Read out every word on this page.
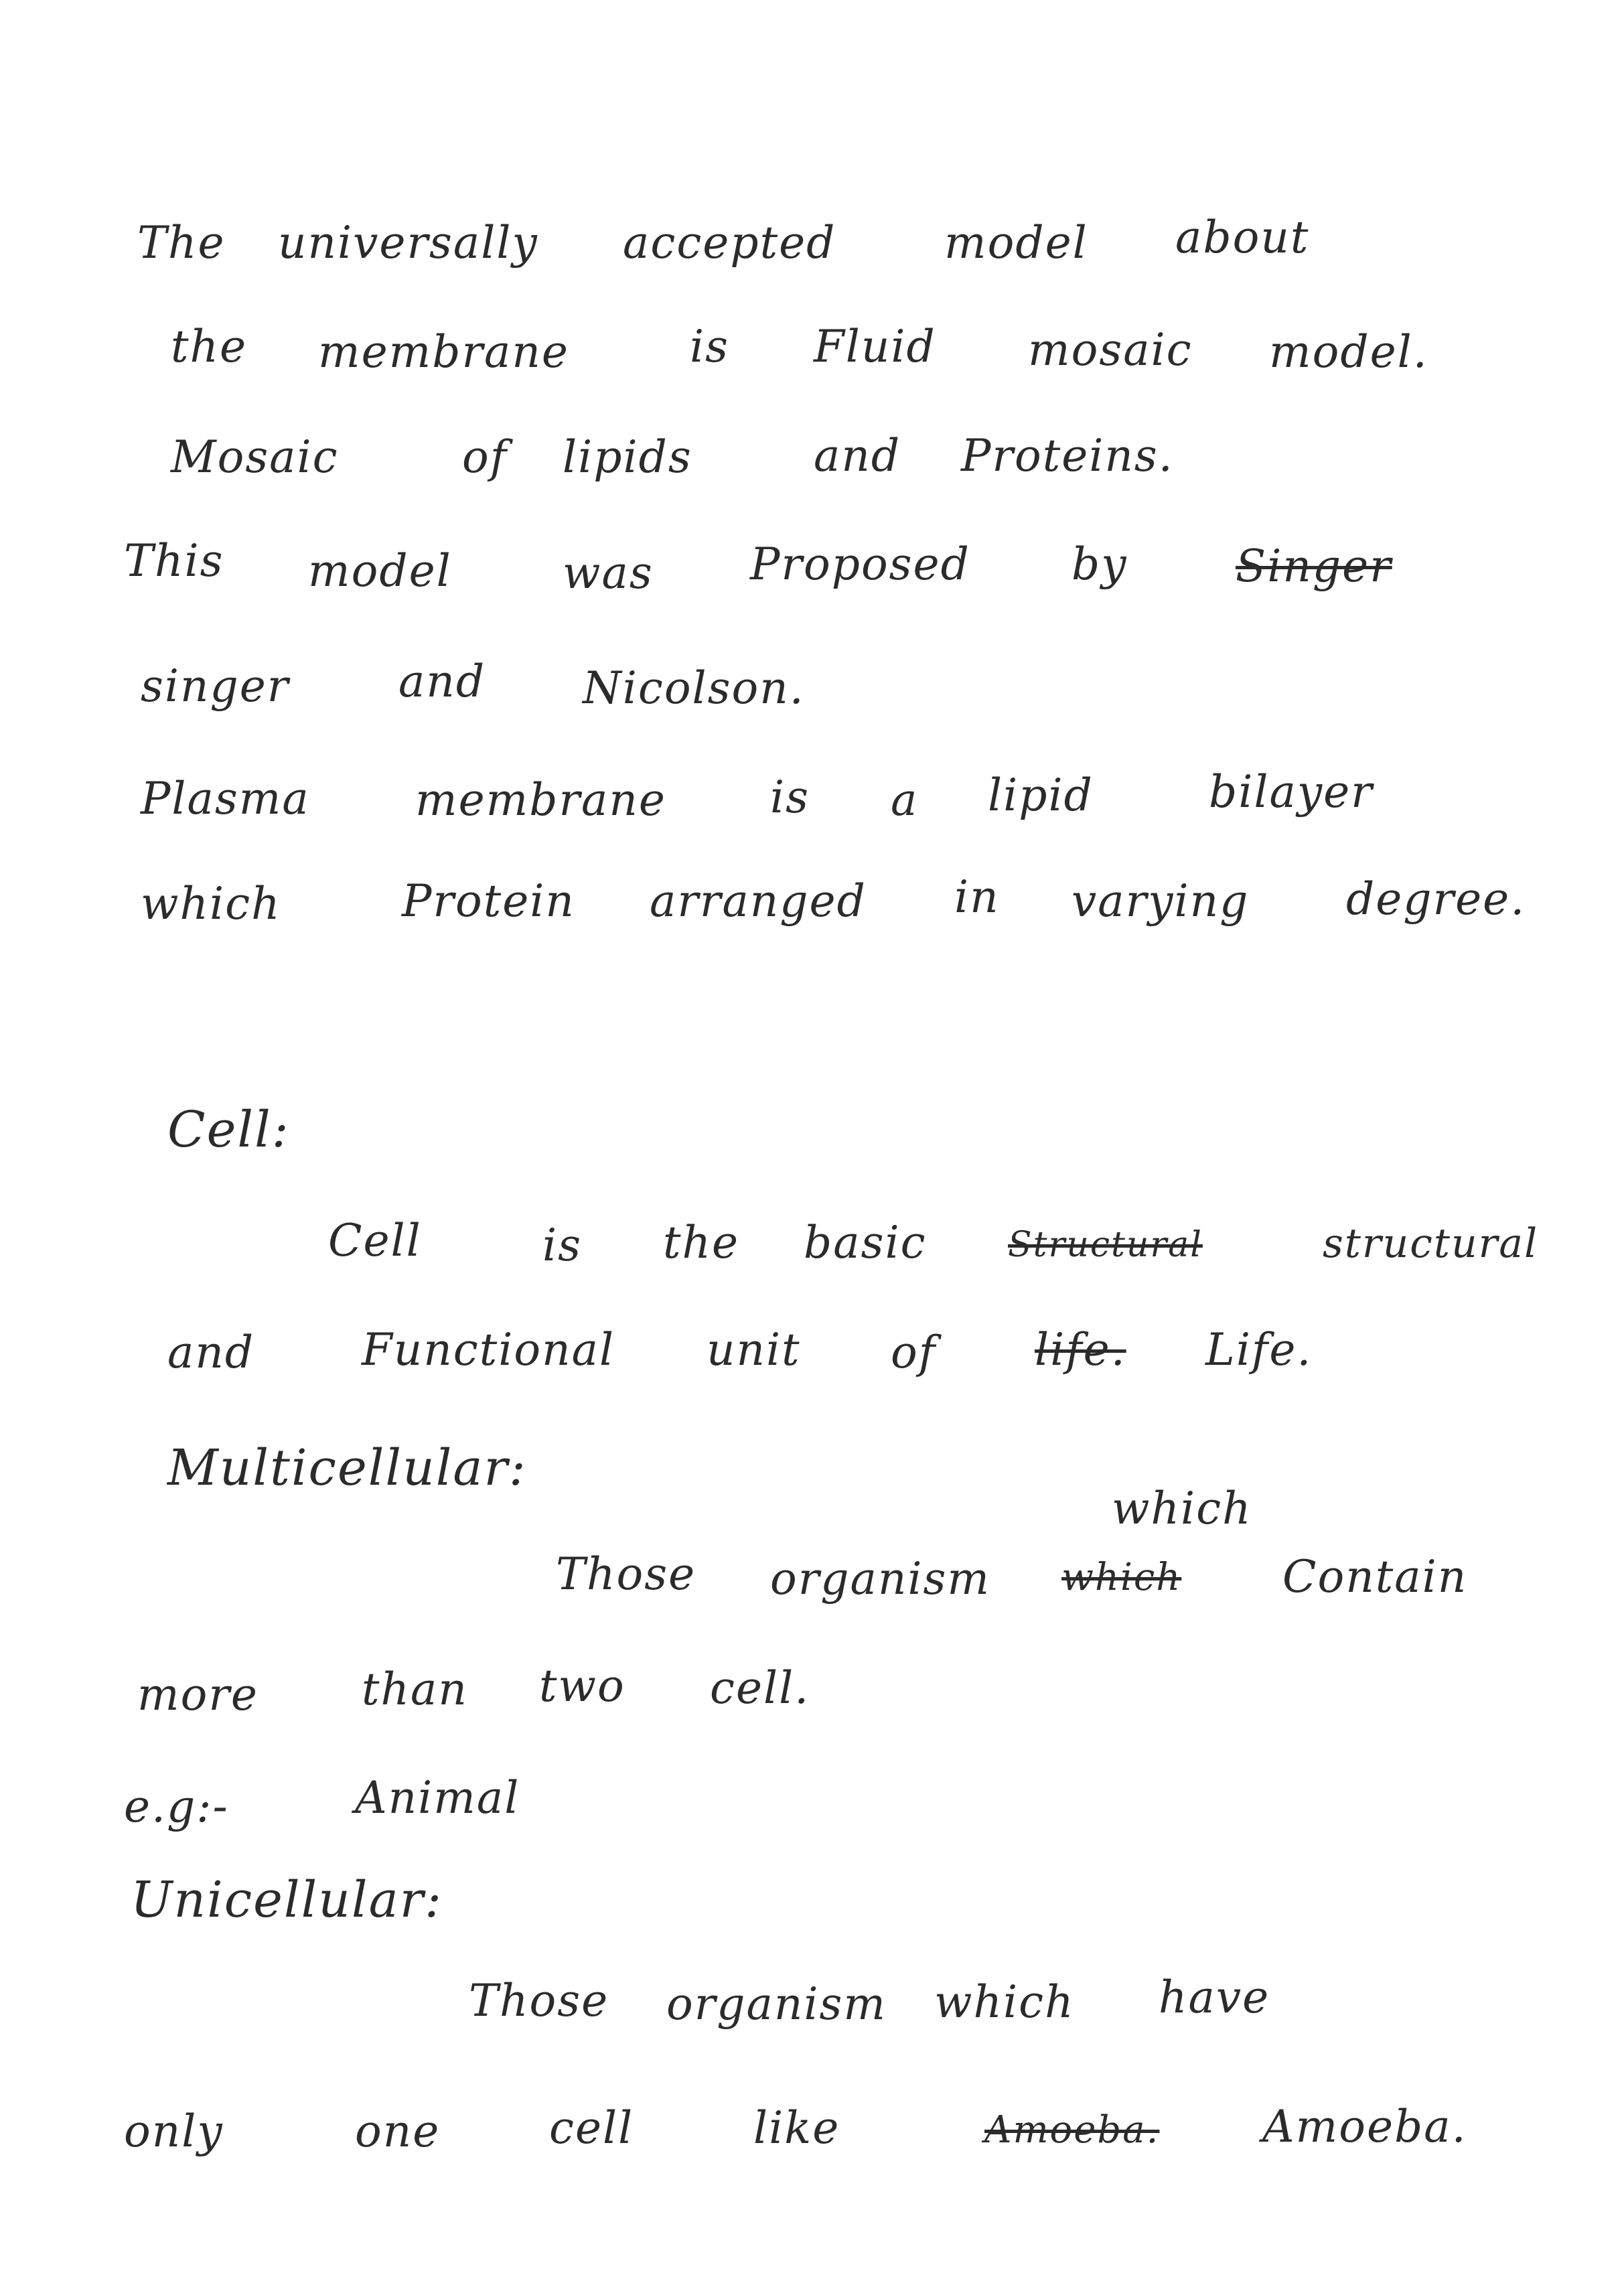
The universally accepted model about
the membrane	is Fluid mosaic model.
Mosaic	of lipids	and Proteins.
This model	was Proposed by Singer
singer and Nicolson.
Plasma membrane is a lipid	bilayer
which	Protein arranged in varying degree.
Cell:
Cell	is the basic Structural	structural
and Functional unit of life. Life.
Multicellular:
which
Those organism which Contain
more than two cell.
e.g:-	Animal
Unicellular:
Those organism which have
only	one cell	like	Amoeba. Amoeba.
